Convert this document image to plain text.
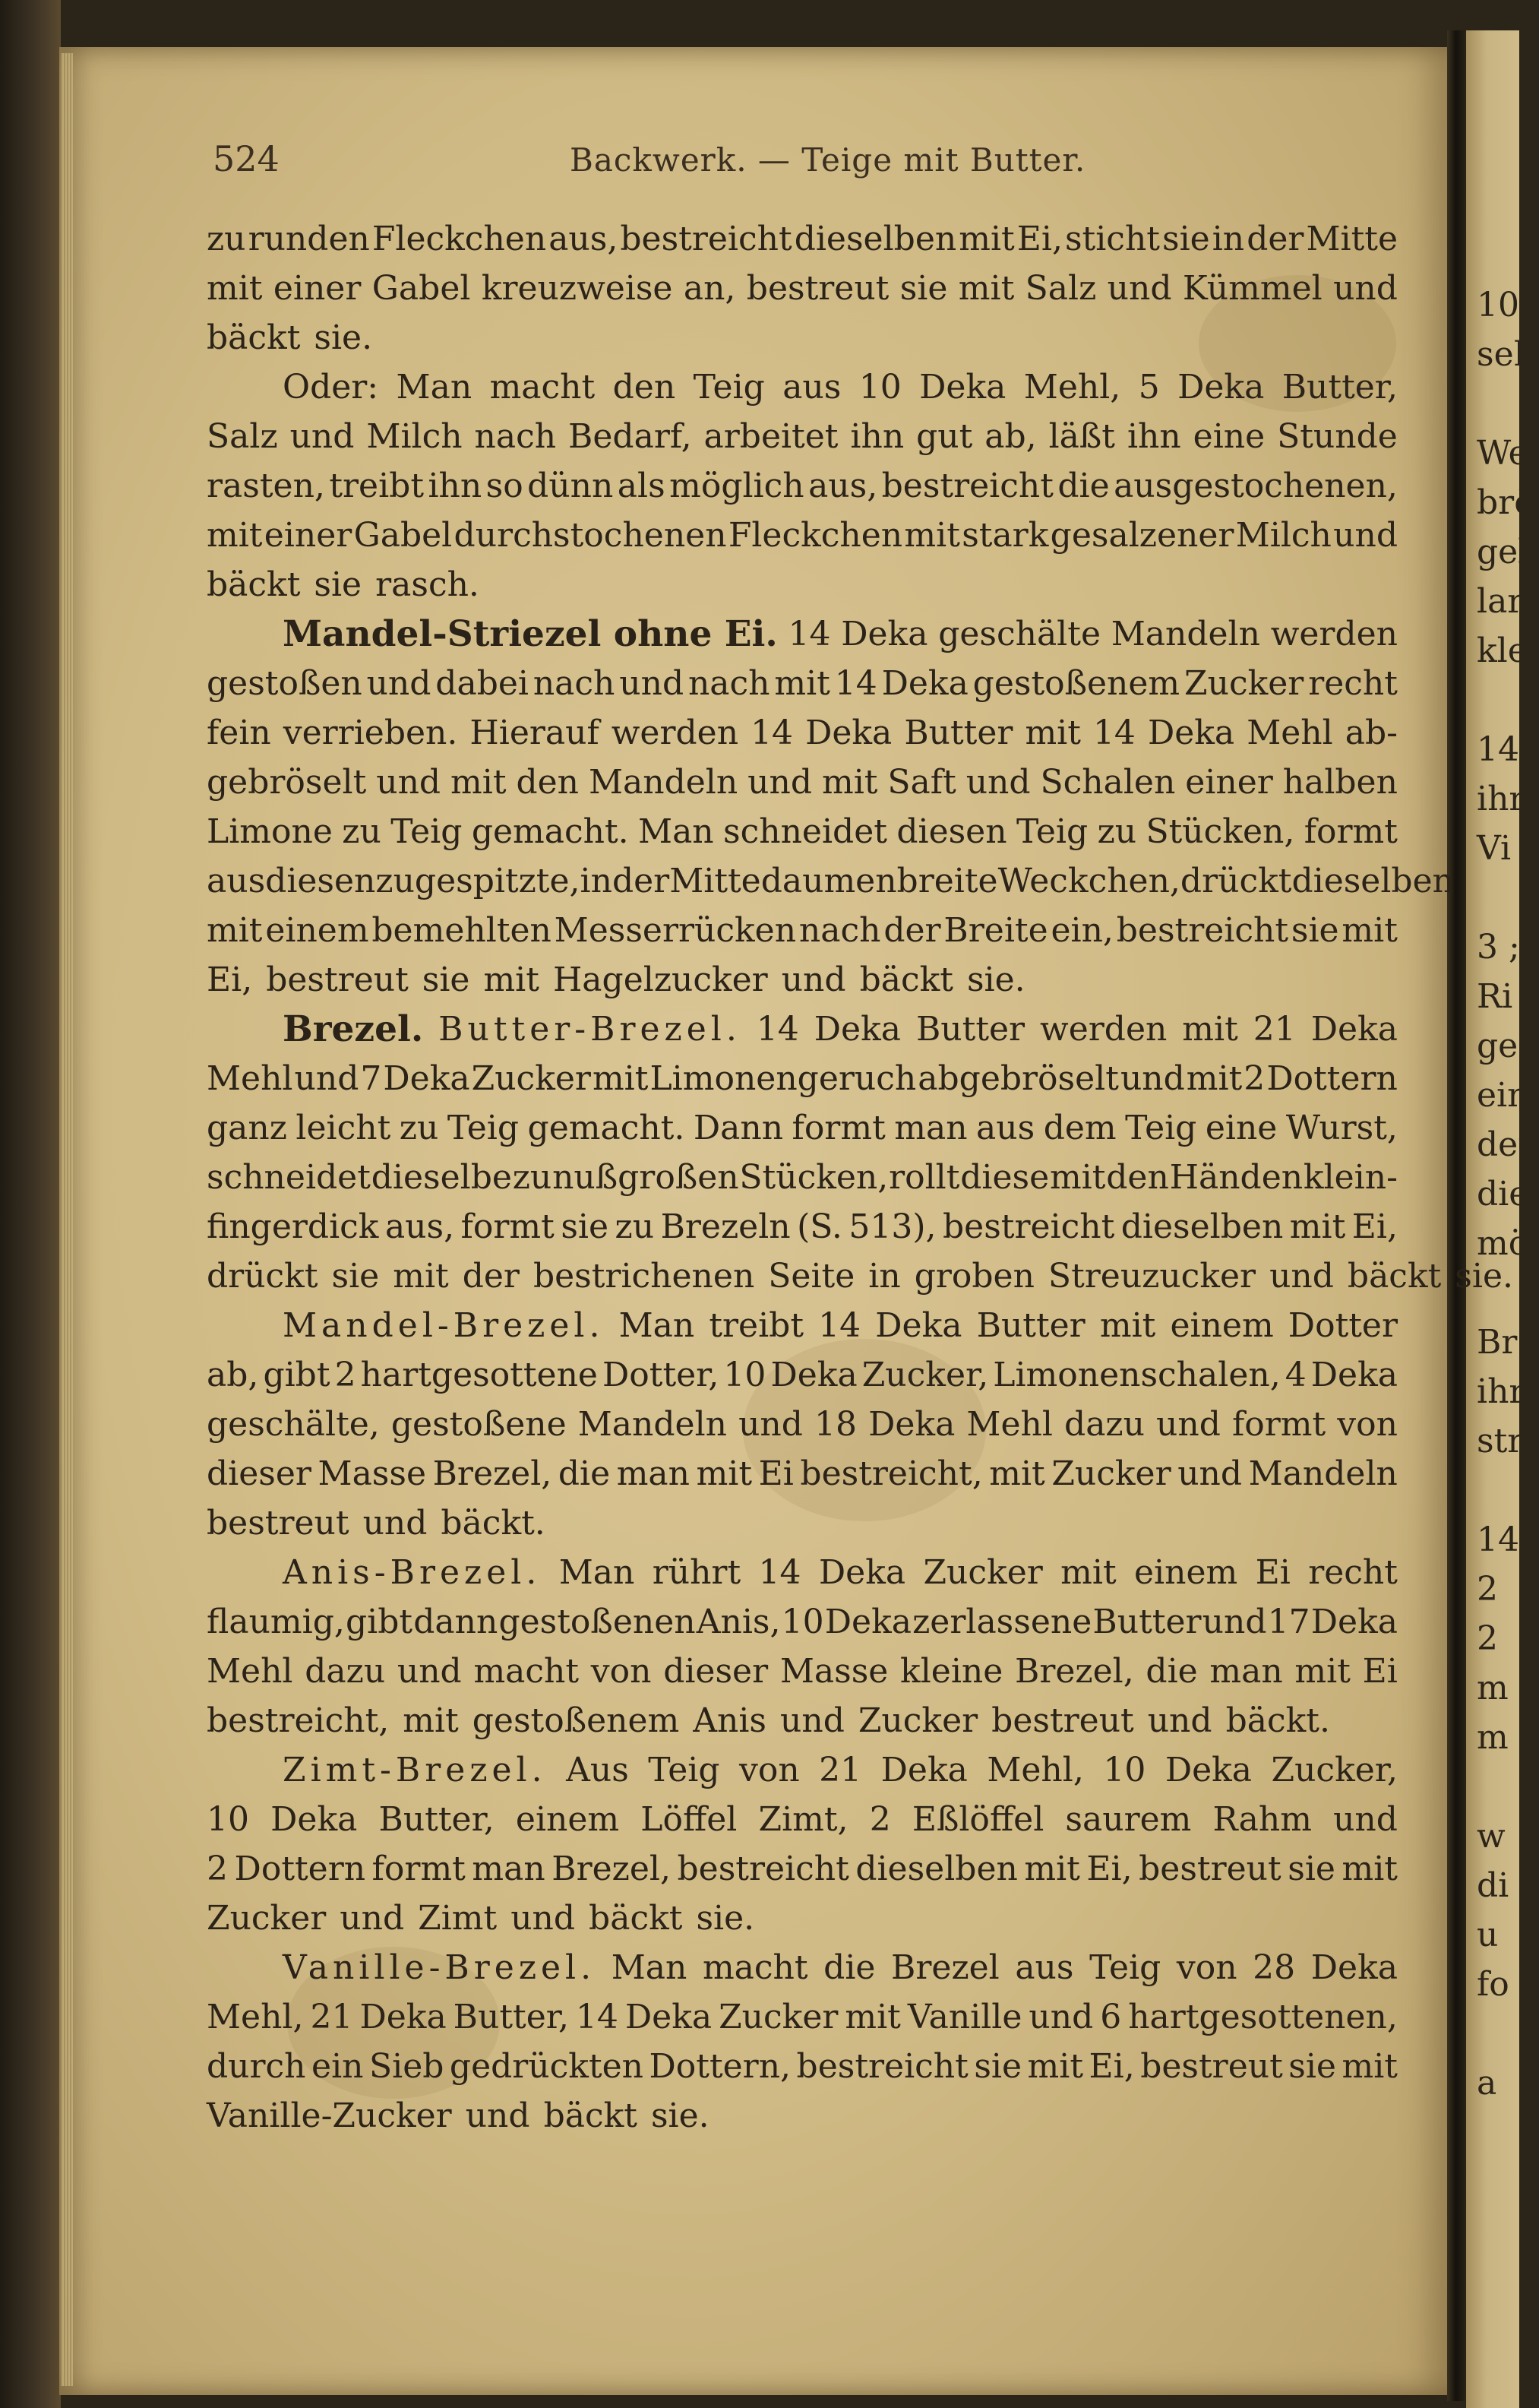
10
seh
We
brö
geb
lar
klei
14
ihr
Vi
3 ;
Ri
ges
ein
der
die
mö
Br
ihr
str
14
2
2
m
m
w
di
u
fo
a
524	Backwerk. — Teige mit Butter.
zu runden Fleckchen aus, bestreicht dieselben mit Ei, sticht sie in der Mitte
mit einer Gabel kreuzweise an, bestreut sie mit Salz und Kümmel und
bäckt sie.
Oder: Man macht den Teig aus 10 Deka Mehl, 5 Deka Butter,
Salz und Milch nach Bedarf, arbeitet ihn gut ab, läßt ihn eine Stunde
rasten, treibt ihn so dünn als möglich aus, bestreicht die ausgestochenen,
mit einer Gabel durchstochenen Fleckchen mit stark gesalzener Milch und
bäckt sie rasch.
Mandel-Striezel ohne Ei. 14 Deka geschälte Mandeln werden
gestoßen und dabei nach und nach mit 14 Deka gestoßenem Zucker recht
fein verrieben. Hierauf werden 14 Deka Butter mit 14 Deka Mehl ab-
gebröselt und mit den Mandeln und mit Saft und Schalen einer halben
Limone zu Teig gemacht. Man schneidet diesen Teig zu Stücken, formt
aus diesen zugespitzte, in der Mitte daumenbreite Weckchen, drückt dieselben
mit einem bemehlten Messerrücken nach der Breite ein, bestreicht sie mit
Ei, bestreut sie mit Hagelzucker und bäckt sie.
Brezel. Butter-Brezel. 14 Deka Butter werden mit 21 Deka
Mehl und 7 Deka Zucker mit Limonengeruch abgebröselt und mit 2 Dottern
ganz leicht zu Teig gemacht. Dann formt man aus dem Teig eine Wurst,
schneidet dieselbe zu nußgroßen Stücken, rollt diese mit den Händen klein-
fingerdick aus, formt sie zu Brezeln (S. 513), bestreicht dieselben mit Ei,
drückt sie mit der bestrichenen Seite in groben Streuzucker und bäckt sie.
Mandel-Brezel. Man treibt 14 Deka Butter mit einem Dotter
ab, gibt 2 hartgesottene Dotter, 10 Deka Zucker, Limonenschalen, 4 Deka
geschälte, gestoßene Mandeln und 18 Deka Mehl dazu und formt von
dieser Masse Brezel, die man mit Ei bestreicht, mit Zucker und Mandeln
bestreut und bäckt.
Anis-Brezel. Man rührt 14 Deka Zucker mit einem Ei recht
flaumig, gibt dann gestoßenen Anis, 10 Deka zerlassene Butter und 17 Deka
Mehl dazu und macht von dieser Masse kleine Brezel, die man mit Ei
bestreicht, mit gestoßenem Anis und Zucker bestreut und bäckt.
Zimt-Brezel. Aus Teig von 21 Deka Mehl, 10 Deka Zucker,
10 Deka Butter, einem Löffel Zimt, 2 Eßlöffel saurem Rahm und
2 Dottern formt man Brezel, bestreicht dieselben mit Ei, bestreut sie mit
Zucker und Zimt und bäckt sie.
Vanille-Brezel. Man macht die Brezel aus Teig von 28 Deka
Mehl, 21 Deka Butter, 14 Deka Zucker mit Vanille und 6 hartgesottenen,
durch ein Sieb gedrückten Dottern, bestreicht sie mit Ei, bestreut sie mit
Vanille-Zucker und bäckt sie.
